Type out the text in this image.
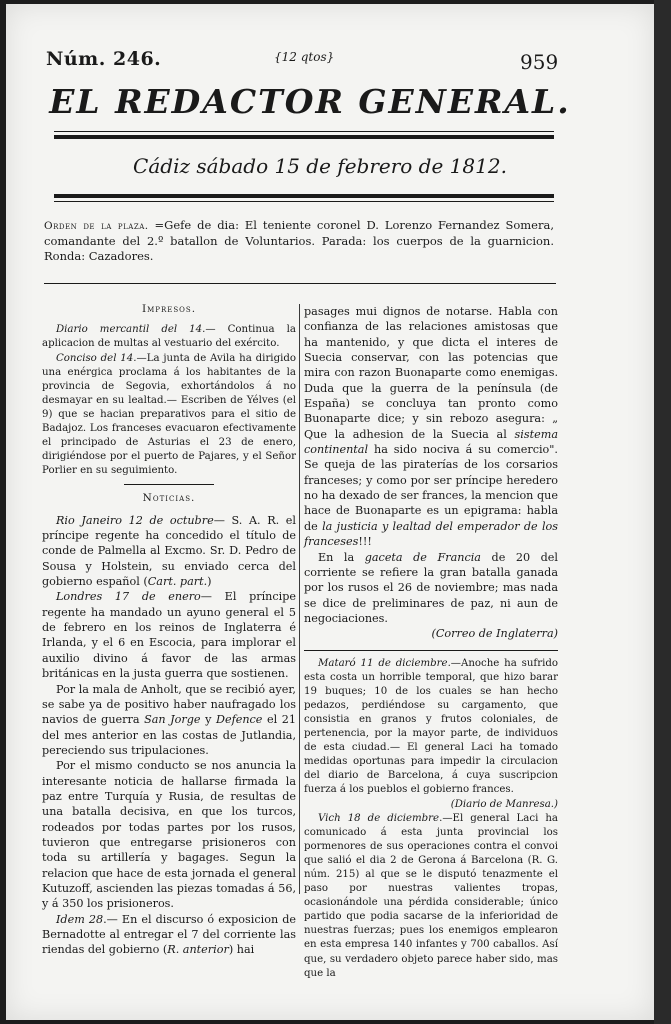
Núm. 246.	{12 qtos}	959
EL REDACTOR GENERAL.
Cádiz sábado 15 de febrero de 1812.
Orden de la plaza. =Gefe de dia: El teniente coronel D. Lorenzo Fernandez Somera, comandante del 2.º batallon de Voluntarios. Parada: los cuerpos de la guarnicion. Ronda: Cazadores.
Impresos.

Diario mercantil del 14.— Continua la aplicacion de multas al vestuario del exército.

Conciso del 14.—La junta de Avila ha dirigido una enérgica proclama á los habitantes de la provincia de Segovia, exhortándolos á no desmayar en su lealtad.— Escriben de Yélves (el 9) que se hacian preparativos para el sitio de Badajoz. Los franceses evacuaron efectivamente el principado de Asturias el 23 de enero, dirigiéndose por el puerto de Pajares, y el Señor Porlier en su seguimiento.

Noticias.

Rio Janeiro 12 de octubre— S. A. R. el príncipe regente ha concedido el título de conde de Palmella al Excmo. Sr. D. Pedro de Sousa y Holstein, su enviado cerca del gobierno español (Cart. part.)

Londres 17 de enero— El príncipe regente ha mandado un ayuno general el 5 de febrero en los reinos de Inglaterra é Irlanda, y el 6 en Escocia, para implorar el auxilio divino á favor de las armas británicas en la justa guerra que sostienen.

Por la mala de Anholt, que se recibió ayer, se sabe ya de positivo haber naufragado los navios de guerra San Jorge y Defence el 21 del mes anterior en las costas de Jutlandia, pereciendo sus tripulaciones.

Por el mismo conducto se nos anuncia la interesante noticia de hallarse firmada la paz entre Turquía y Rusia, de resultas de una batalla decisiva, en que los turcos, rodeados por todas partes por los rusos, tuvieron que entregarse prisioneros con toda su artillería y bagages. Segun la relacion que hace de esta jornada el general Kutuzoff, ascienden las piezas tomadas á 56, y á 350 los prisioneros.

Idem 28.— En el discurso ó exposicion de Bernadotte al entregar el 7 del corriente las riendas del gobierno (R. anterior) hai

pasages mui dignos de notarse. Habla con confianza de las relaciones amistosas que ha mantenido, y que dicta el interes de Suecia conservar, con las potencias que mira con razon Buonaparte como enemigas. Duda que la guerra de la península (de España) se concluya tan pronto como Buonaparte dice; y sin rebozo asegura: „ Que la adhesion de la Suecia al sistema continental ha sido nociva á su comercio". Se queja de las piraterías de los corsarios franceses; y como por ser príncipe heredero no ha dexado de ser frances, la mencion que hace de Buonaparte es un epigrama: habla de la justicia y lealtad del emperador de los franceses!!!

En la gaceta de Francia de 20 del corriente se refiere la gran batalla ganada por los rusos el 26 de noviembre; mas nada se dice de preliminares de paz, ni aun de negociaciones.

(Correo de Inglaterra)

Mataró 11 de diciembre.—Anoche ha sufrido esta costa un horrible temporal, que hizo barar 19 buques; 10 de los cuales se han hecho pedazos, perdiéndose su cargamento, que consistia en granos y frutos coloniales, de pertenencia, por la mayor parte, de individuos de esta ciudad.— El general Laci ha tomado medidas oportunas para impedir la circulacion del diario de Barcelona, á cuya suscripcion fuerza á los pueblos el gobierno frances.

(Diario de Manresa.)

Vich 18 de diciembre.—El general Laci ha comunicado á esta junta provincial los pormenores de sus operaciones contra el convoi que salió el dia 2 de Gerona á Barcelona (R. G. núm. 215) al que se le disputó tenazmente el paso por nuestras valientes tropas, ocasionándole una pérdida considerable; único partido que podia sacarse de la inferioridad de nuestras fuerzas; pues los enemigos emplearon en esta empresa 140 infantes y 700 caballos. Así que, su verdadero objeto parece haber sido, mas que la
